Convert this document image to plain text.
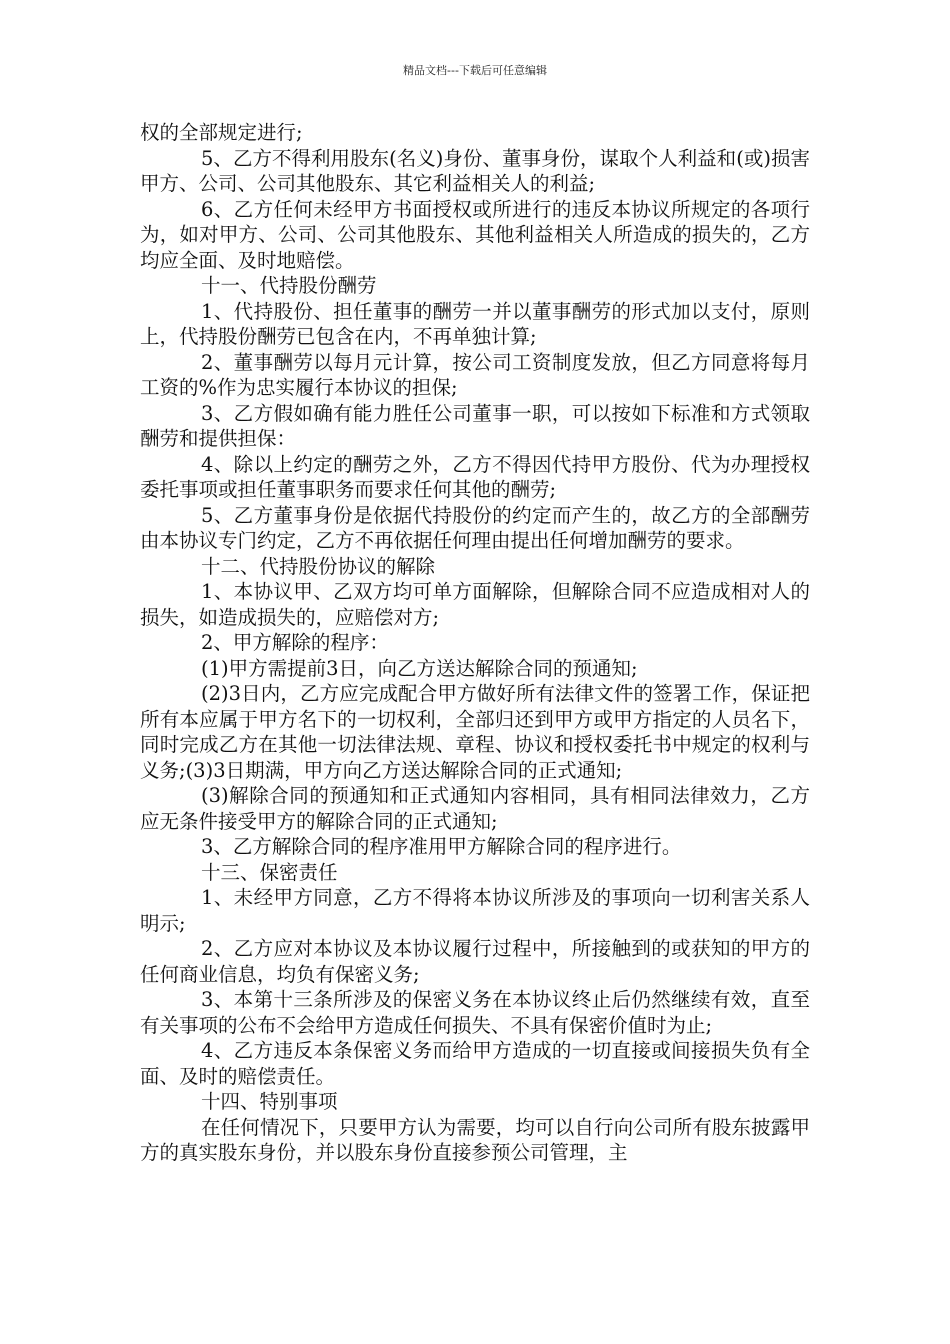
精品文档---下载后可任意编辑

权的全部规定进行;

5、乙方不得利用股东(名义)身份、董事身份，谋取个人利益和(或)损害甲方、公司、公司其他股东、其它利益相关人的利益;

6、乙方任何未经甲方书面授权或所进行的违反本协议所规定的各项行为，如对甲方、公司、公司其他股东、其他利益相关人所造成的损失的，乙方均应全面、及时地赔偿。

十一、代持股份酬劳

1、代持股份、担任董事的酬劳一并以董事酬劳的形式加以支付，原则上，代持股份酬劳已包含在内，不再单独计算;

2、董事酬劳以每月元计算，按公司工资制度发放，但乙方同意将每月工资的%作为忠实履行本协议的担保;

3、乙方假如确有能力胜任公司董事一职，可以按如下标准和方式领取酬劳和提供担保：

4、除以上约定的酬劳之外，乙方不得因代持甲方股份、代为办理授权委托事项或担任董事职务而要求任何其他的酬劳;

5、乙方董事身份是依据代持股份的约定而产生的，故乙方的全部酬劳由本协议专门约定，乙方不再依据任何理由提出任何增加酬劳的要求。

十二、代持股份协议的解除

1、本协议甲、乙双方均可单方面解除，但解除合同不应造成相对人的损失，如造成损失的，应赔偿对方;

2、甲方解除的程序：

(1)甲方需提前3日，向乙方送达解除合同的预通知;

(2)3日内，乙方应完成配合甲方做好所有法律文件的签署工作，保证把所有本应属于甲方名下的一切权利，全部归还到甲方或甲方指定的人员名下，同时完成乙方在其他一切法律法规、章程、协议和授权委托书中规定的权利与义务;(3)3日期满，甲方向乙方送达解除合同的正式通知;

(3)解除合同的预通知和正式通知内容相同，具有相同法律效力，乙方应无条件接受甲方的解除合同的正式通知;

3、乙方解除合同的程序准用甲方解除合同的程序进行。

十三、保密责任

1、未经甲方同意，乙方不得将本协议所涉及的事项向一切利害关系人明示;

2、乙方应对本协议及本协议履行过程中，所接触到的或获知的甲方的任何商业信息，均负有保密义务;

3、本第十三条所涉及的保密义务在本协议终止后仍然继续有效，直至有关事项的公布不会给甲方造成任何损失、不具有保密价值时为止;

4、乙方违反本条保密义务而给甲方造成的一切直接或间接损失负有全面、及时的赔偿责任。

十四、特别事项

在任何情况下，只要甲方认为需要，均可以自行向公司所有股东披露甲方的真实股东身份，并以股东身份直接参预公司管理，主
